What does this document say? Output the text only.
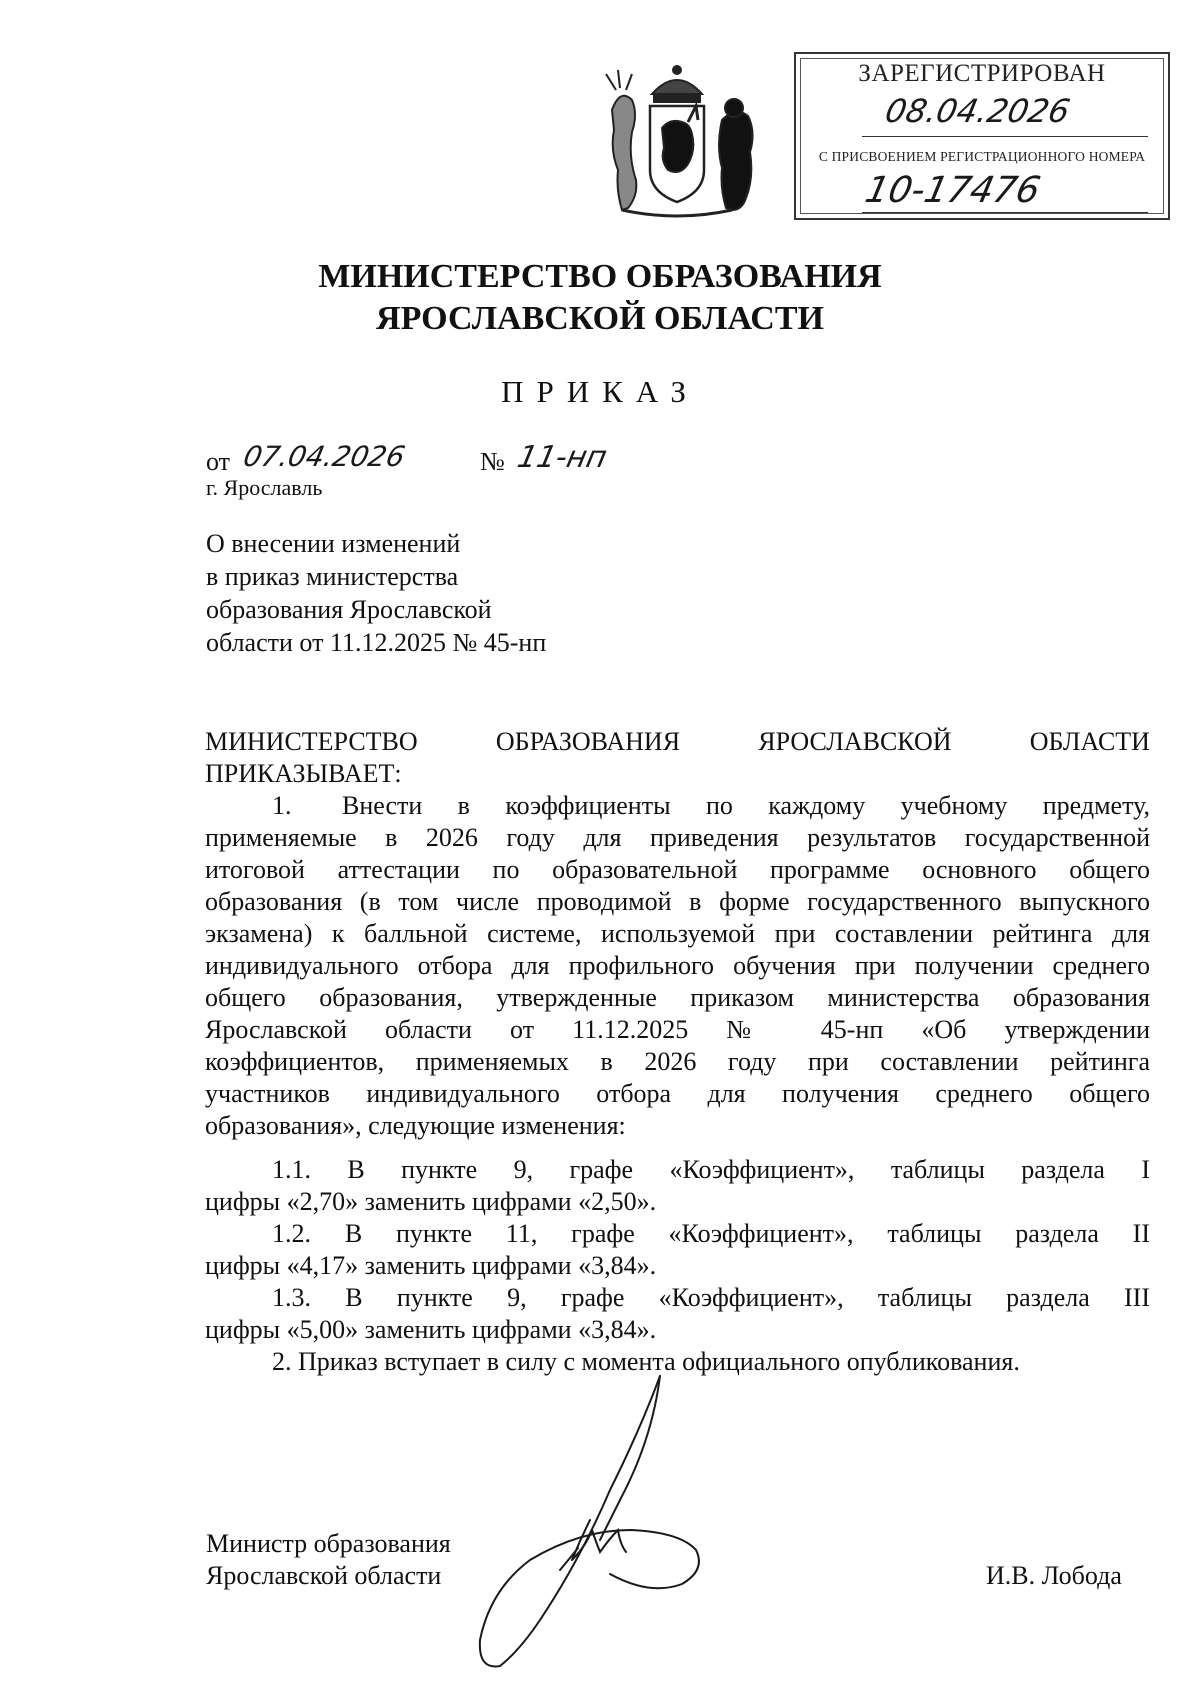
ЗАРЕГИСТРИРОВАН
08.04.2026
С ПРИСВОЕНИЕМ РЕГИСТРАЦИОННОГО НОМЕРА
10-17476
МИНИСТЕРСТВО ОБРАЗОВАНИЯ
ЯРОСЛАВСКОЙ ОБЛАСТИ
ПРИКАЗ
от 07.04.2026	№ 11-нп
г. Ярославль
О внесении изменений
в приказ министерства
образования Ярославской
области от 11.12.2025 № 45-нп
МИНИСТЕРСТВО	ОБРАЗОВАНИЯ	ЯРОСЛАВСКОЙ	ОБЛАСТИ
ПРИКАЗЫВАЕТ:
1. Внести в коэффициенты по каждому учебному предмету,
применяемые в 2026 году для приведения результатов государственной
итоговой аттестации по образовательной программе основного общего
образования (в том числе проводимой в форме государственного выпускного
экзамена) к балльной системе, используемой при составлении рейтинга для
индивидуального отбора для профильного обучения при получении среднего
общего образования, утвержденные приказом министерства образования
Ярославской области от 11.12.2025 № 45-нп «Об утверждении
коэффициентов, применяемых в 2026 году при составлении рейтинга
участников индивидуального отбора для получения среднего общего
образования», следующие изменения:
1.1. В пункте 9, графе «Коэффициент», таблицы раздела I
цифры «2,70» заменить цифрами «2,50».
1.2. В пункте 11, графе «Коэффициент», таблицы раздела II
цифры «4,17» заменить цифрами «3,84».
1.3. В пункте 9, графе «Коэффициент», таблицы раздела III
цифры «5,00» заменить цифрами «3,84».
2. Приказ вступает в силу с момента официального опубликования.
Министр образования
Ярославской области	И.В. Лобода
